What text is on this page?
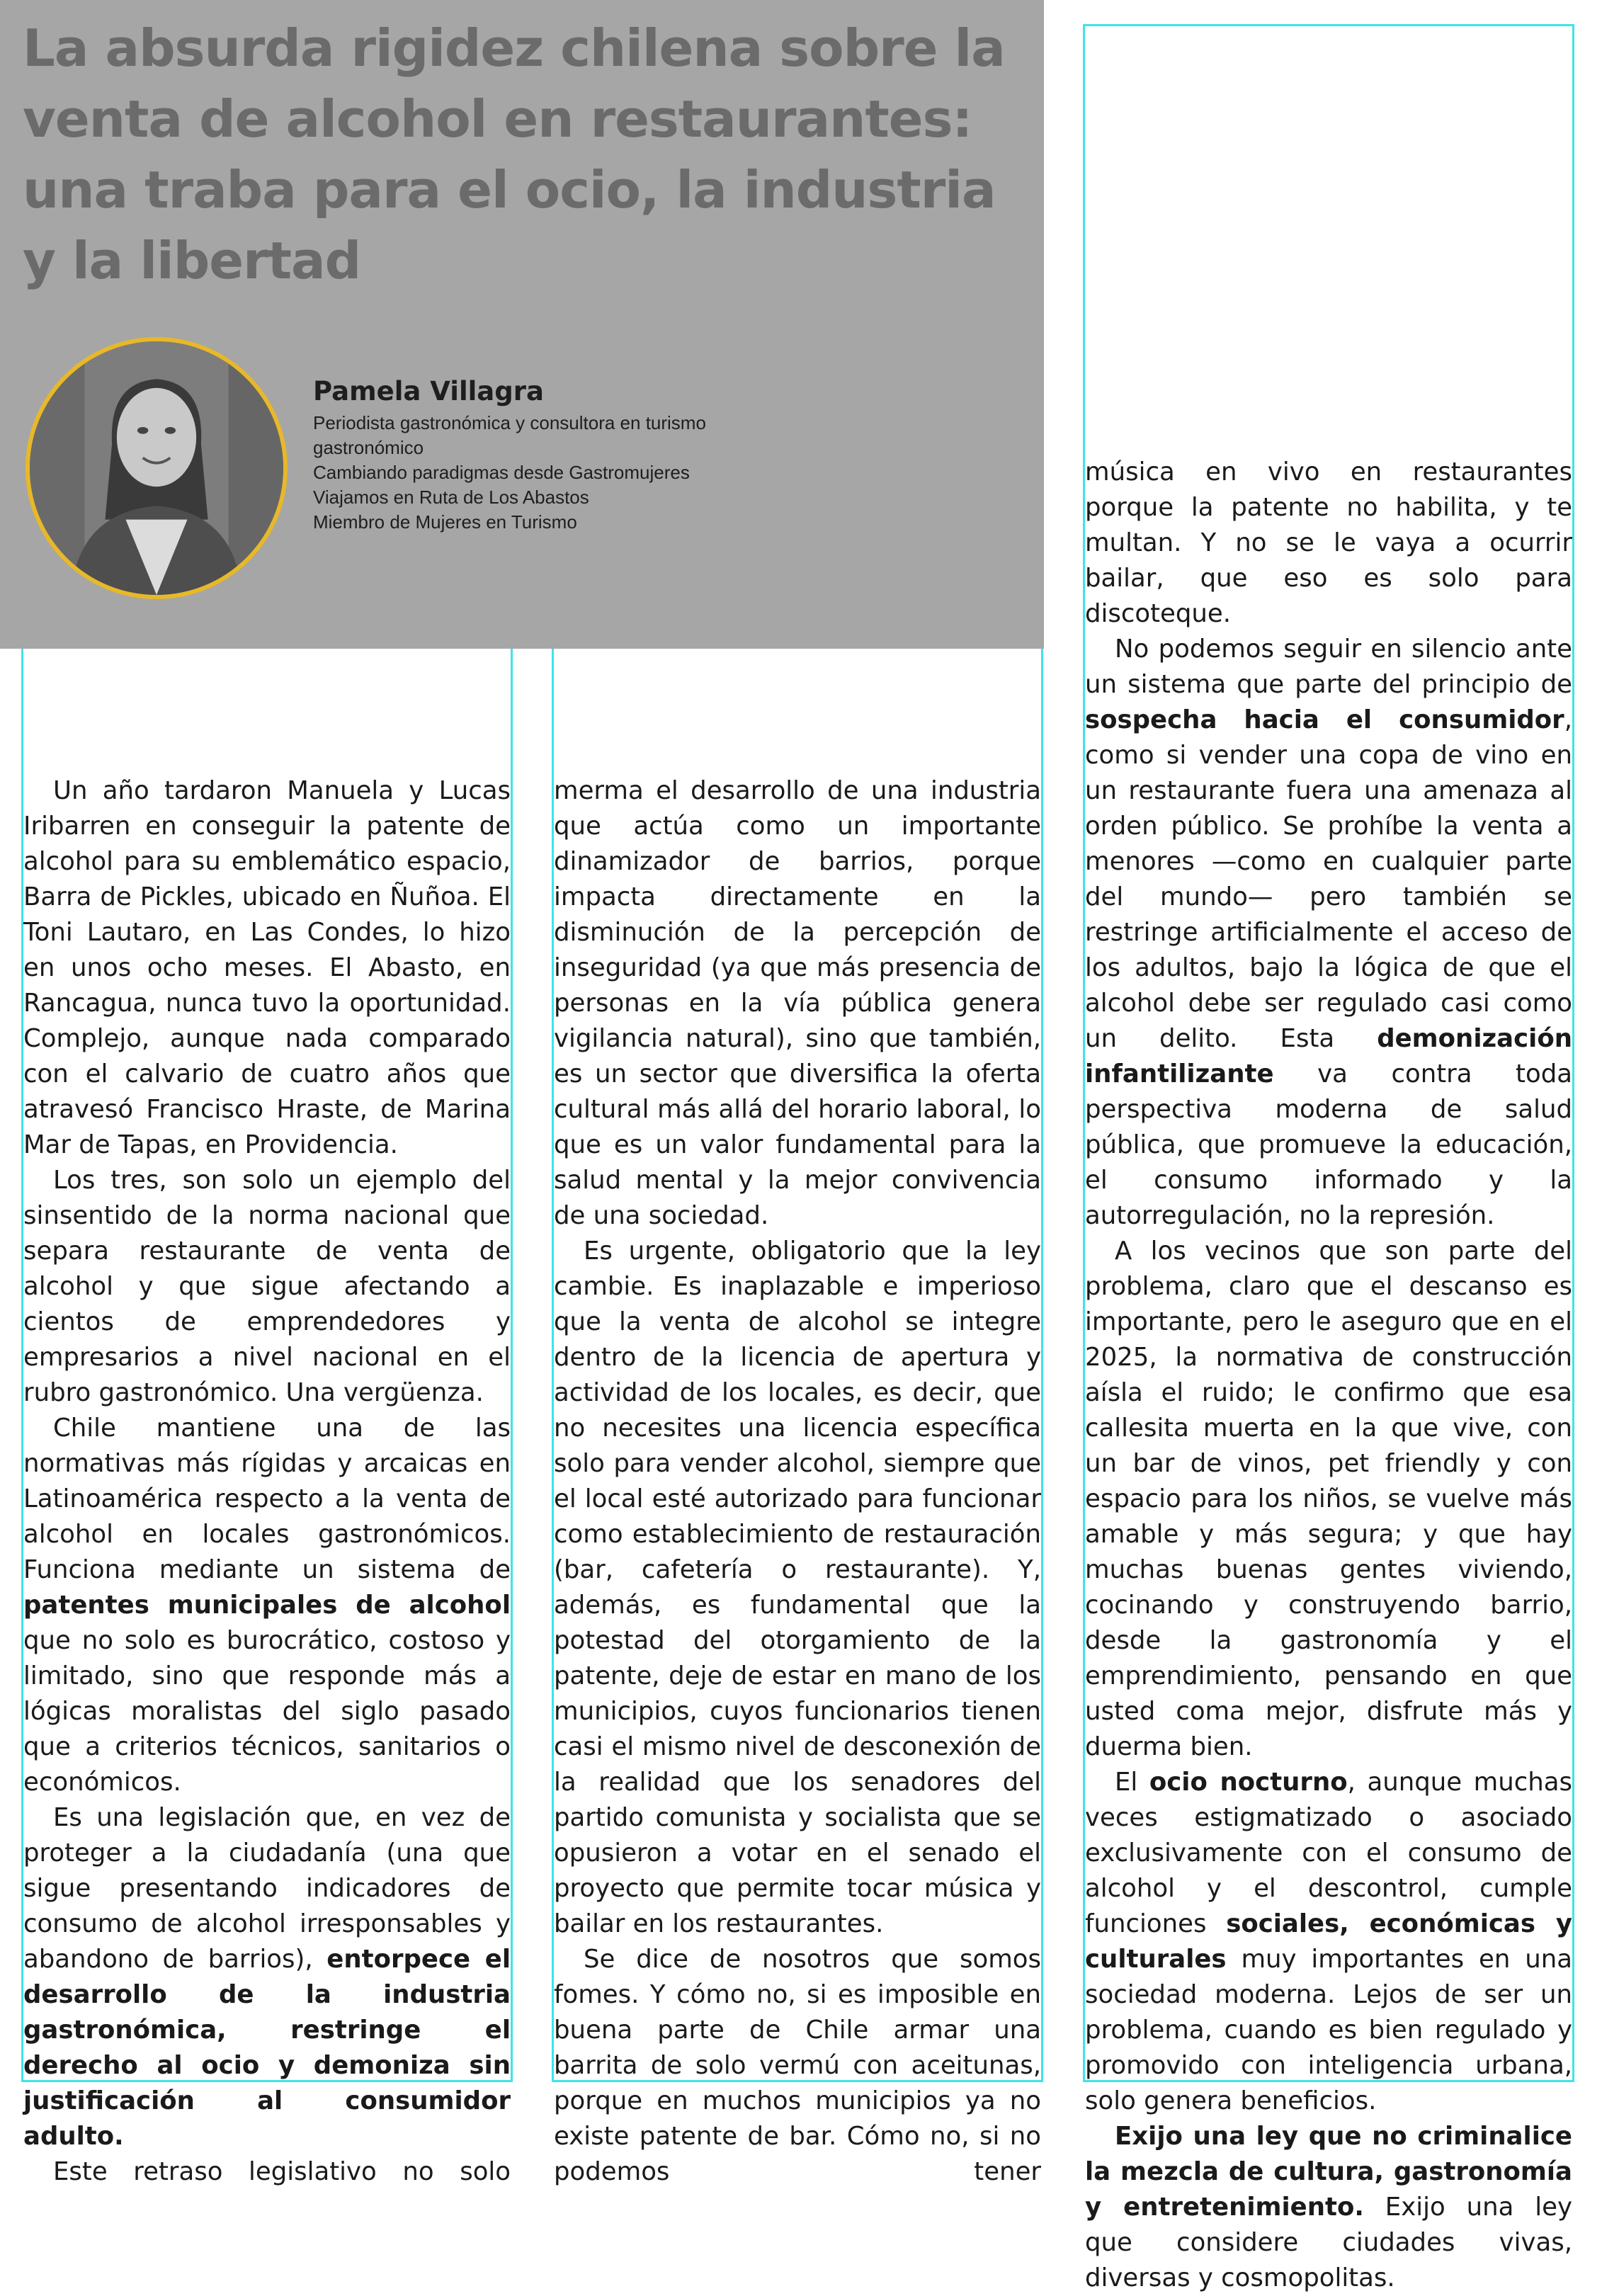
La absurda rigidez chilena sobre la venta de alcohol en restaurantes: una traba para el ocio, la industria y la libertad
Pamela Villagra
Periodista gastronómica y consultora en turismo
gastronómico
Cambiando paradigmas desde Gastromujeres
Viajamos en Ruta de Los Abastos
Miembro de Mujeres en Turismo

Un año tardaron Manuela y Lucas Iribarren en conseguir la patente de alcohol para su emblemático espacio, Barra de Pickles, ubicado en Ñuñoa. El Toni Lautaro, en Las Condes, lo hizo en unos ocho meses. El Abasto, en Rancagua, nunca tuvo la oportunidad. Complejo, aunque nada comparado con el calvario de cuatro años que atravesó Francisco Hraste, de Marina Mar de Tapas, en Providencia.

Los tres, son solo un ejemplo del sinsentido de la norma nacional que separa restaurante de venta de alcohol y que sigue afectando a cientos de emprendedores y empresarios a nivel nacional en el rubro gastronómico. Una vergüenza.

Chile mantiene una de las normativas más rígidas y arcaicas en Latinoamérica respecto a la venta de alcohol en locales gastronómicos. Funciona mediante un sistema de patentes municipales de alcohol que no solo es burocrático, costoso y limitado, sino que responde más a lógicas moralistas del siglo pasado que a criterios técnicos, sanitarios o económicos.

Es una legislación que, en vez de proteger a la ciudadanía (una que sigue presentando indicadores de consumo de alcohol irresponsables y abandono de barrios), entorpece el desarrollo de la industria gastronómica, restringe el derecho al ocio y demoniza sin justificación al consumidor adulto.

Este retraso legislativo no solo

merma el desarrollo de una industria que actúa como un importante dinamizador de barrios, porque impacta directamente en la disminución de la percepción de inseguridad (ya que más presencia de personas en la vía pública genera vigilancia natural), sino que también, es un sector que diversifica la oferta cultural más allá del horario laboral, lo que es un valor fundamental para la salud mental y la mejor convivencia de una sociedad.

Es urgente, obligatorio que la ley cambie. Es inaplazable e imperioso que la venta de alcohol se integre dentro de la licencia de apertura y actividad de los locales, es decir, que no necesites una licencia específica solo para vender alcohol, siempre que el local esté autorizado para funcionar como establecimiento de restauración (bar, cafetería o restaurante). Y, además, es fundamental que la potestad del otorgamiento de la patente, deje de estar en mano de los municipios, cuyos funcionarios tienen casi el mismo nivel de desconexión de la realidad que los senadores del partido comunista y socialista que se opusieron a votar en el senado el proyecto que permite tocar música y bailar en los restaurantes.

Se dice de nosotros que somos fomes. Y cómo no, si es imposible en buena parte de Chile armar una barrita de solo vermú con aceitunas, porque en muchos municipios ya no existe patente de bar. Cómo no, si no podemos tener

música en vivo en restaurantes porque la patente no habilita, y te multan. Y no se le vaya a ocurrir bailar, que eso es solo para discoteque.

No podemos seguir en silencio ante un sistema que parte del principio de sospecha hacia el consumidor, como si vender una copa de vino en un restaurante fuera una amenaza al orden público. Se prohíbe la venta a menores —como en cualquier parte del mundo— pero también se restringe artificialmente el acceso de los adultos, bajo la lógica de que el alcohol debe ser regulado casi como un delito. Esta demonización infantilizante va contra toda perspectiva moderna de salud pública, que promueve la educación, el consumo informado y la autorregulación, no la represión.

A los vecinos que son parte del problema, claro que el descanso es importante, pero le aseguro que en el 2025, la normativa de construcción aísla el ruido; le confirmo que esa callesita muerta en la que vive, con un bar de vinos, pet friendly y con espacio para los niños, se vuelve más amable y más segura; y que hay muchas buenas gentes viviendo, cocinando y construyendo barrio, desde la gastronomía y el emprendimiento, pensando en que usted coma mejor, disfrute más y duerma bien.

El ocio nocturno, aunque muchas veces estigmatizado o asociado exclusivamente con el consumo de alcohol y el descontrol, cumple funciones sociales, económicas y culturales muy importantes en una sociedad moderna. Lejos de ser un problema, cuando es bien regulado y promovido con inteligencia urbana, solo genera beneficios.

Exijo una ley que no criminalice la mezcla de cultura, gastronomía y entretenimiento. Exijo una ley que considere ciudades vivas, diversas y cosmopolitas.
